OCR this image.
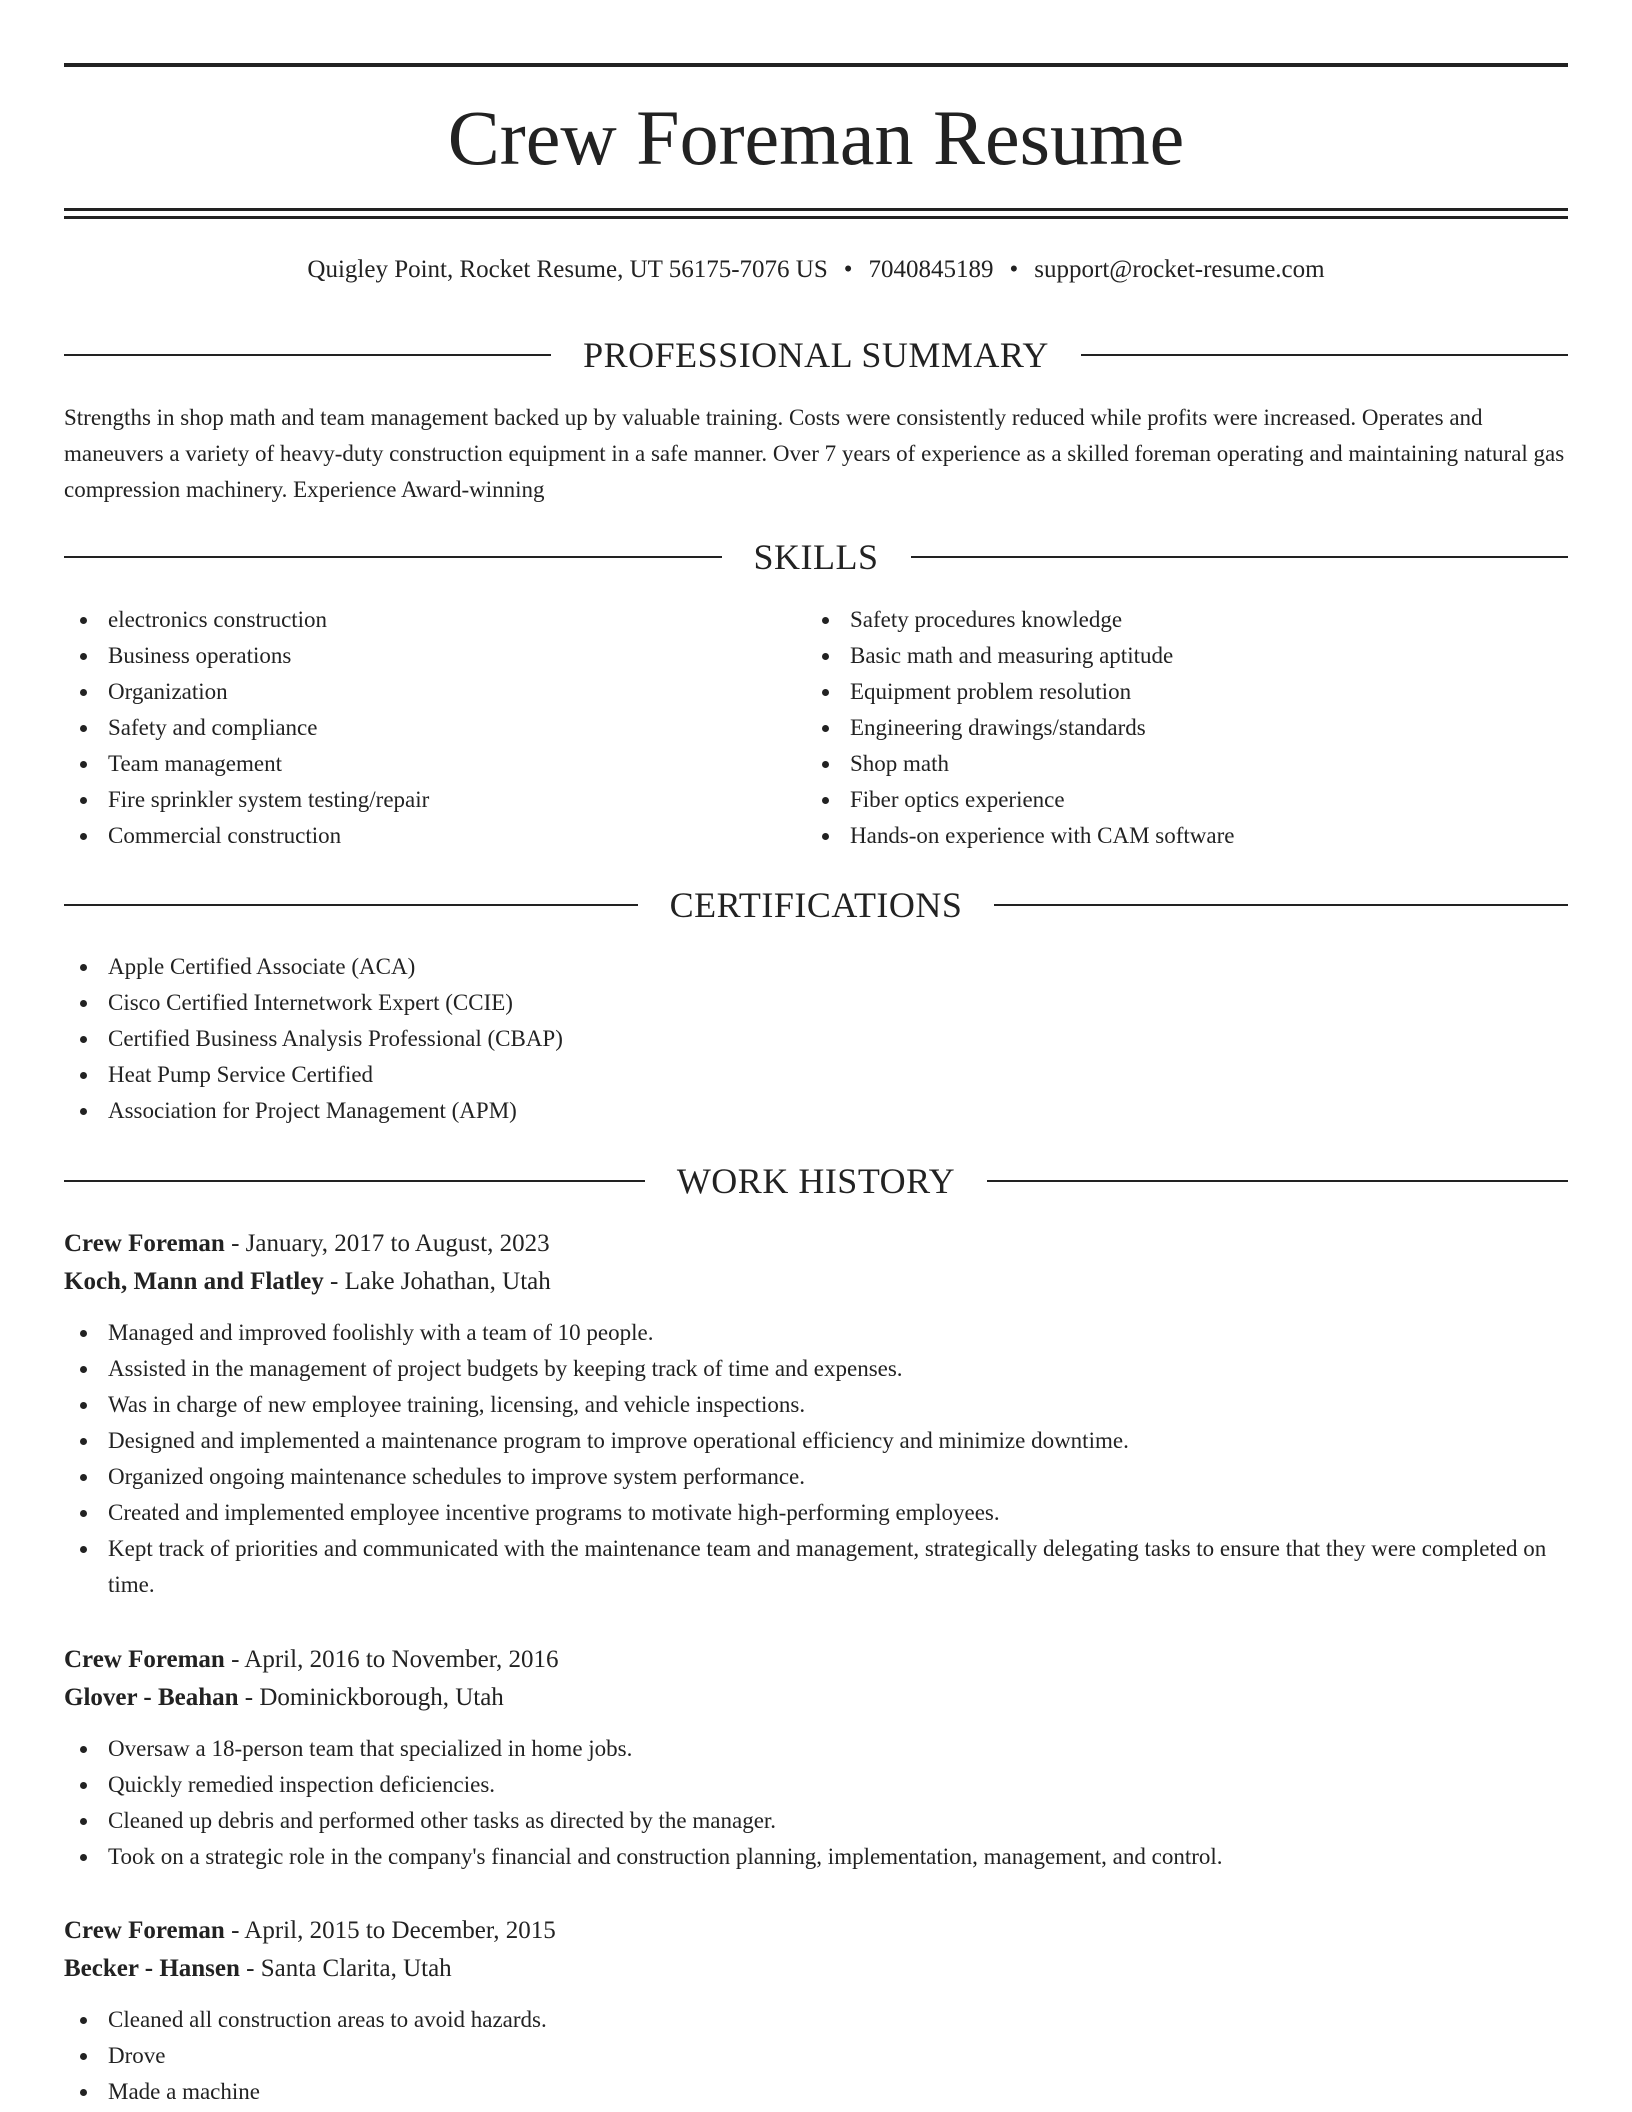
Crew Foreman Resume
Quigley Point, Rocket Resume, UT 56175-7076 US • 7040845189 • support@rocket-resume.com
PROFESSIONAL SUMMARY

Strengths in shop math and team management backed up by valuable training. Costs were consistently reduced while profits were increased. Operates and maneuvers a variety of heavy-duty construction equipment in a safe manner. Over 7 years of experience as a skilled foreman operating and maintaining natural gas compression machinery. Experience Award-winning

SKILLS
electronics construction
Business operations
Organization
Safety and compliance
Team management
Fire sprinkler system testing/repair
Commercial construction
Safety procedures knowledge
Basic math and measuring aptitude
Equipment problem resolution
Engineering drawings/standards
Shop math
Fiber optics experience
Hands-on experience with CAM software
CERTIFICATIONS
Apple Certified Associate (ACA)
Cisco Certified Internetwork Expert (CCIE)
Certified Business Analysis Professional (CBAP)
Heat Pump Service Certified
Association for Project Management (APM)
WORK HISTORY
Crew Foreman - January, 2017 to August, 2023
Koch, Mann and Flatley - Lake Johathan, Utah
Managed and improved foolishly with a team of 10 people.
Assisted in the management of project budgets by keeping track of time and expenses.
Was in charge of new employee training, licensing, and vehicle inspections.
Designed and implemented a maintenance program to improve operational efficiency and minimize downtime.
Organized ongoing maintenance schedules to improve system performance.
Created and implemented employee incentive programs to motivate high-performing employees.
Kept track of priorities and communicated with the maintenance team and management, strategically delegating tasks to ensure that they were completed on time.
Crew Foreman - April, 2016 to November, 2016
Glover - Beahan - Dominickborough, Utah
Oversaw a 18-person team that specialized in home jobs.
Quickly remedied inspection deficiencies.
Cleaned up debris and performed other tasks as directed by the manager.
Took on a strategic role in the company's financial and construction planning, implementation, management, and control.
Crew Foreman - April, 2015 to December, 2015
Becker - Hansen - Santa Clarita, Utah
Cleaned all construction areas to avoid hazards.
Drove
Made a machine
